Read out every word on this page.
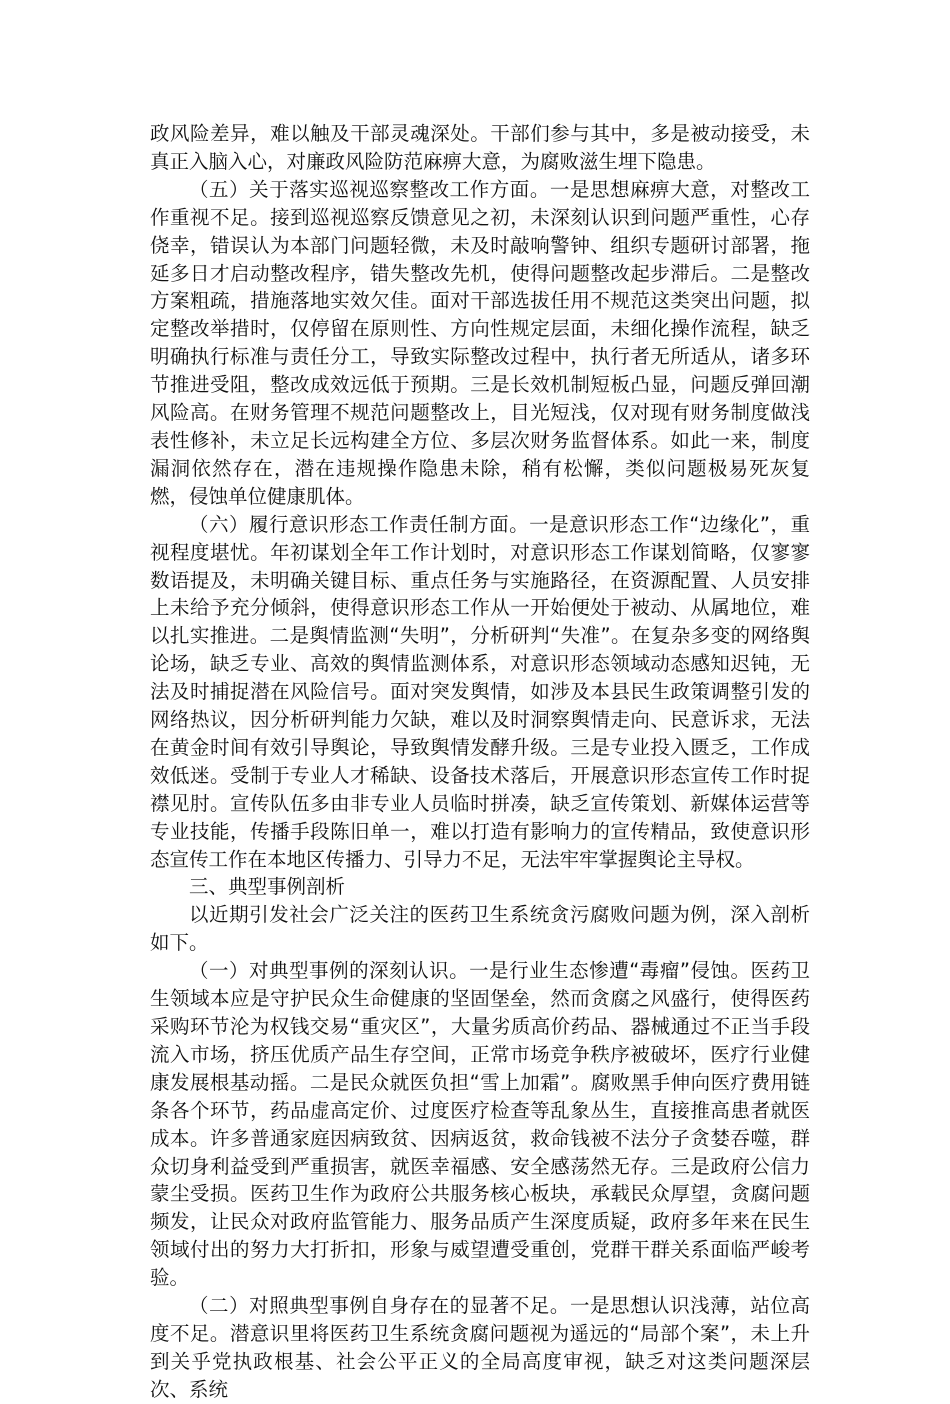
政风险差异，难以触及干部灵魂深处。干部们参与其中，多是被动接受，未真正入脑入心，对廉政风险防范麻痹大意，为腐败滋生埋下隐患。

（五）关于落实巡视巡察整改工作方面。一是思想麻痹大意，对整改工作重视不足。接到巡视巡察反馈意见之初，未深刻认识到问题严重性，心存侥幸，错误认为本部门问题轻微，未及时敲响警钟、组织专题研讨部署，拖延多日才启动整改程序，错失整改先机，使得问题整改起步滞后。二是整改方案粗疏，措施落地实效欠佳。面对干部选拔任用不规范这类突出问题，拟定整改举措时，仅停留在原则性、方向性规定层面，未细化操作流程，缺乏明确执行标准与责任分工，导致实际整改过程中，执行者无所适从，诸多环节推进受阻，整改成效远低于预期。三是长效机制短板凸显，问题反弹回潮风险高。在财务管理不规范问题整改上，目光短浅，仅对现有财务制度做浅表性修补，未立足长远构建全方位、多层次财务监督体系。如此一来，制度漏洞依然存在，潜在违规操作隐患未除，稍有松懈，类似问题极易死灰复燃，侵蚀单位健康肌体。

（六）履行意识形态工作责任制方面。一是意识形态工作“边缘化”，重视程度堪忧。年初谋划全年工作计划时，对意识形态工作谋划简略，仅寥寥数语提及，未明确关键目标、重点任务与实施路径，在资源配置、人员安排上未给予充分倾斜，使得意识形态工作从一开始便处于被动、从属地位，难以扎实推进。二是舆情监测“失明”，分析研判“失准”。在复杂多变的网络舆论场，缺乏专业、高效的舆情监测体系，对意识形态领域动态感知迟钝，无法及时捕捉潜在风险信号。面对突发舆情，如涉及本县民生政策调整引发的网络热议，因分析研判能力欠缺，难以及时洞察舆情走向、民意诉求，无法在黄金时间有效引导舆论，导致舆情发酵升级。三是专业投入匮乏，工作成效低迷。受制于专业人才稀缺、设备技术落后，开展意识形态宣传工作时捉襟见肘。宣传队伍多由非专业人员临时拼凑，缺乏宣传策划、新媒体运营等专业技能，传播手段陈旧单一，难以打造有影响力的宣传精品，致使意识形态宣传工作在本地区传播力、引导力不足，无法牢牢掌握舆论主导权。

三、典型事例剖析

以近期引发社会广泛关注的医药卫生系统贪污腐败问题为例，深入剖析如下。

（一）对典型事例的深刻认识。一是行业生态惨遭“毒瘤”侵蚀。医药卫生领域本应是守护民众生命健康的坚固堡垒，然而贪腐之风盛行，使得医药采购环节沦为权钱交易“重灾区”，大量劣质高价药品、器械通过不正当手段流入市场，挤压优质产品生存空间，正常市场竞争秩序被破坏，医疗行业健康发展根基动摇。二是民众就医负担“雪上加霜”。腐败黑手伸向医疗费用链条各个环节，药品虚高定价、过度医疗检查等乱象丛生，直接推高患者就医成本。许多普通家庭因病致贫、因病返贫，救命钱被不法分子贪婪吞噬，群众切身利益受到严重损害，就医幸福感、安全感荡然无存。三是政府公信力蒙尘受损。医药卫生作为政府公共服务核心板块，承载民众厚望，贪腐问题频发，让民众对政府监管能力、服务品质产生深度质疑，政府多年来在民生领域付出的努力大打折扣，形象与威望遭受重创，党群干群关系面临严峻考验。

（二）对照典型事例自身存在的显著不足。一是思想认识浅薄，站位高度不足。潜意识里将医药卫生系统贪腐问题视为遥远的“局部个案”，未上升到关乎党执政根基、社会公平正义的全局高度审视，缺乏对这类问题深层次、系统
